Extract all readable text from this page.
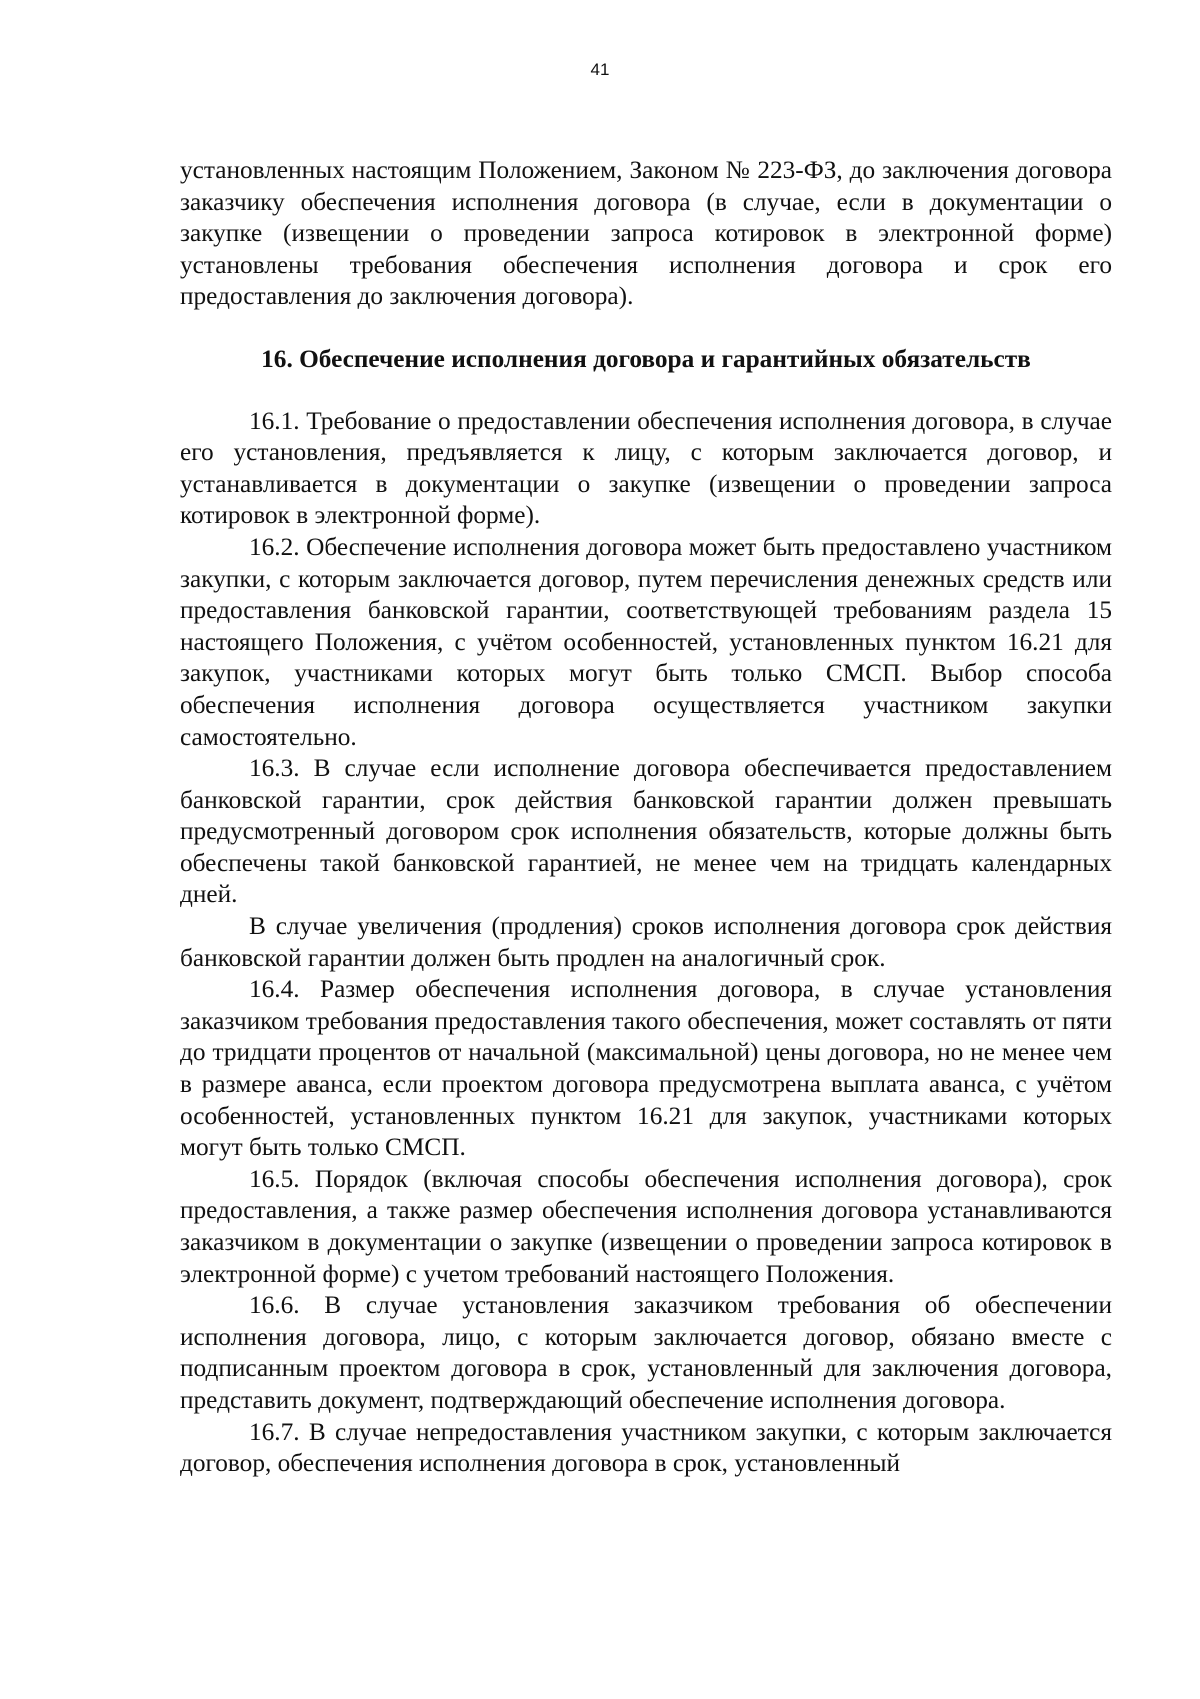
41

установленных настоящим Положением, Законом № 223-ФЗ, до заключения договора заказчику обеспечения исполнения договора (в случае, если в документации о закупке (извещении о проведении запроса котировок в электронной форме) установлены требования обеспечения исполнения договора и срок его предоставления до заключения договора).

16. Обеспечение исполнения договора и гарантийных обязательств

16.1. Требование о предоставлении обеспечения исполнения договора, в случае его установления, предъявляется к лицу, с которым заключается договор, и устанавливается в документации о закупке (извещении о проведении запроса котировок в электронной форме).

16.2. Обеспечение исполнения договора может быть предоставлено участником закупки, с которым заключается договор, путем перечисления денежных средств или предоставления банковской гарантии, соответствующей требованиям раздела 15 настоящего Положения, с учётом особенностей, установленных пунктом 16.21 для закупок, участниками которых могут быть только СМСП. Выбор способа обеспечения исполнения договора осуществляется участником закупки самостоятельно.

16.3. В случае если исполнение договора обеспечивается предоставлением банковской гарантии, срок действия банковской гарантии должен превышать предусмотренный договором срок исполнения обязательств, которые должны быть обеспечены такой банковской гарантией, не менее чем на тридцать календарных дней.

В случае увеличения (продления) сроков исполнения договора срок действия банковской гарантии должен быть продлен на аналогичный срок.

16.4. Размер обеспечения исполнения договора, в случае установления заказчиком требования предоставления такого обеспечения, может составлять от пяти до тридцати процентов от начальной (максимальной) цены договора, но не менее чем в размере аванса, если проектом договора предусмотрена выплата аванса, с учётом особенностей, установленных пунктом 16.21 для закупок, участниками которых могут быть только СМСП.

16.5. Порядок (включая способы обеспечения исполнения договора), срок предоставления, а также размер обеспечения исполнения договора устанавливаются заказчиком в документации о закупке (извещении о проведении запроса котировок в электронной форме) с учетом требований настоящего Положения.

16.6. В случае установления заказчиком требования об обеспечении исполнения договора, лицо, с которым заключается договор, обязано вместе с подписанным проектом договора в срок, установленный для заключения договора, представить документ, подтверждающий обеспечение исполнения договора.

16.7. В случае непредоставления участником закупки, с которым заключается договор, обеспечения исполнения договора в срок, установленный
